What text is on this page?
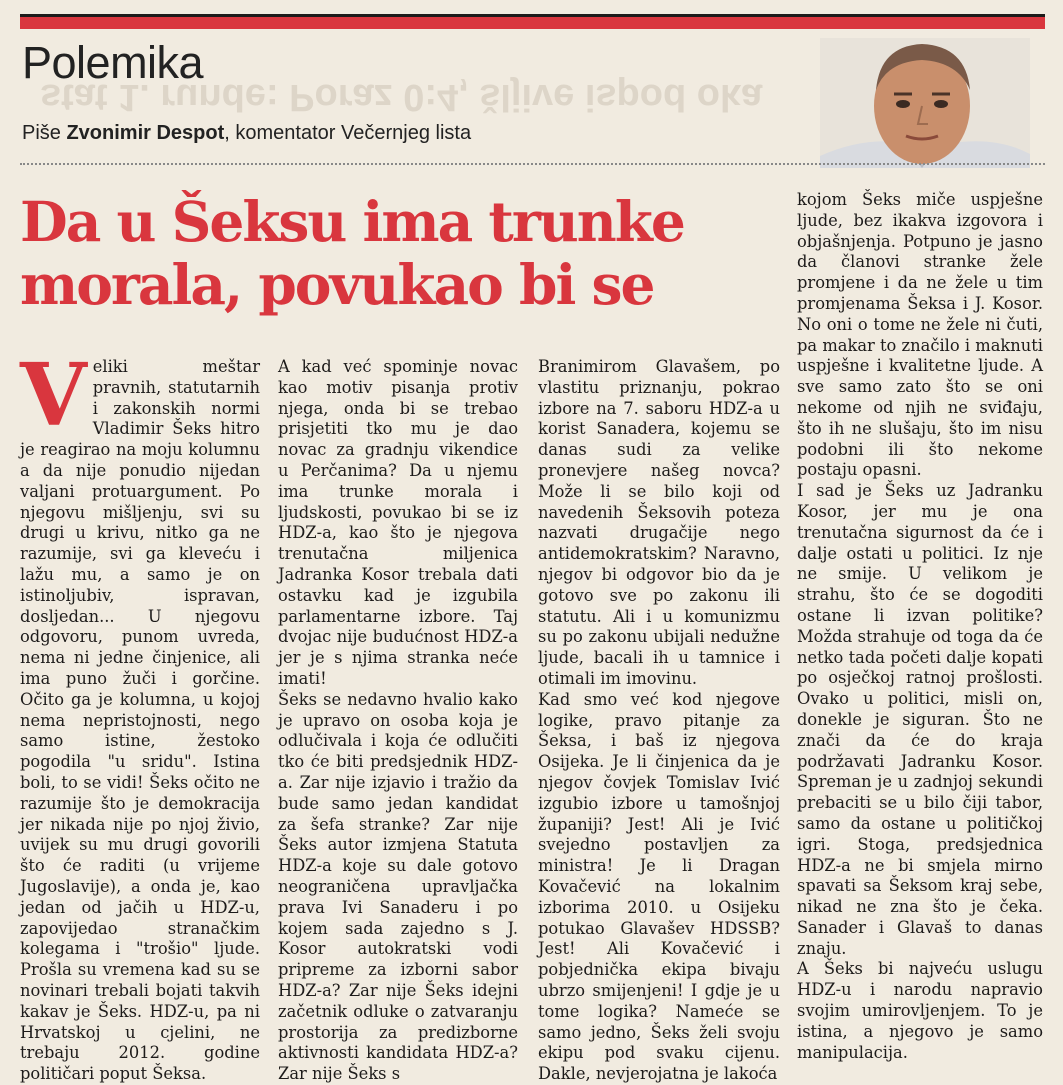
stat 1. runde: Poraz 0:4, šljive ispod oka
Polemika
Piše Zvonimir Despot, komentator Večernjeg lista
Da u Šeksu ima trunke
morala, povukao bi se

Veliki meštar pravnih, statutarnih i zakonskih normi Vladimir Šeks hitro je reagirao na moju kolumnu a da nije ponudio nijedan valjani protuargument. Po njegovu mišljenju, svi su drugi u krivu, nitko ga ne razumije, svi ga kleveću i lažu mu, a samo je on istinoljubiv, ispravan, dosljedan... U njegovu odgovoru, punom uvreda, nema ni jedne činjenice, ali ima puno žuči i gorčine. Očito ga je kolumna, u kojoj nema nepristojnosti, nego samo istine, žestoko pogodila "u sridu". Istina boli, to se vidi! Šeks očito ne razumije što je demokracija jer nikada nije po njoj živio, uvijek su mu drugi govorili što će raditi (u vrijeme Jugoslavije), a onda je, kao jedan od jačih u HDZ-u, zapovijedao stranačkim kolegama i "trošio" ljude. Prošla su vremena kad su se novinari trebali bojati takvih kakav je Šeks. HDZ-u, pa ni Hrvatskoj u cjelini, ne trebaju 2012. godine političari poput Šeksa.

A kad već spominje novac kao motiv pisanja protiv njega, onda bi se trebao prisjetiti tko mu je dao novac za gradnju vikendice u Perčanima? Da u njemu ima trunke morala i ljudskosti, povukao bi se iz HDZ-a, kao što je njegova trenutačna miljenica Jadranka Kosor trebala dati ostavku kad je izgubila parlamentarne izbore. Taj dvojac nije budućnost HDZ-a jer je s njima stranka neće imati!

Šeks se nedavno hvalio kako je upravo on osoba koja je odlučivala i koja će odlučiti tko će biti predsjednik HDZ-a. Zar nije izjavio i tražio da bude samo jedan kandidat za šefa stranke? Zar nije Šeks autor izmjena Statuta HDZ-a koje su dale gotovo neograničena upravljačka prava Ivi Sanaderu i po kojem sada zajedno s J. Kosor autokratski vodi pripreme za izborni sabor HDZ-a? Zar nije Šeks idejni začetnik odluke o zatvaranju prostorija za predizborne aktivnosti kandidata HDZ-a? Zar nije Šeks s

Branimirom Glavašem, po vlastitu priznanju, pokrao izbore na 7. saboru HDZ-a u korist Sanadera, kojemu se danas sudi za velike pronevjere našeg novca? Može li se bilo koji od navedenih Šeksovih poteza nazvati drugačije nego antidemokratskim? Naravno, njegov bi odgovor bio da je gotovo sve po zakonu ili statutu. Ali i u komunizmu su po zakonu ubijali nedužne ljude, bacali ih u tamnice i otimali im imovinu.

Kad smo već kod njegove logike, pravo pitanje za Šeksa, i baš iz njegova Osijeka. Je li činjenica da je njegov čovjek Tomislav Ivić izgubio izbore u tamošnjoj županiji? Jest! Ali je Ivić svejedno postavljen za ministra! Je li Dragan Kovačević na lokalnim izborima 2010. u Osijeku potukao Glavašev HDSSB? Jest! Ali Kovačević i pobjednička ekipa bivaju ubrzo smijenjeni! I gdje je u tome logika? Nameće se samo jedno, Šeks želi svoju ekipu pod svaku cijenu. Dakle, nevjerojatna je lakoća

kojom Šeks miče uspješne ljude, bez ikakva izgovora i objašnjenja. Potpuno je jasno da članovi stranke žele promjene i da ne žele u tim promjenama Šeksa i J. Kosor. No oni o tome ne žele ni čuti, pa makar to značilo i maknuti uspješne i kvalitetne ljude. A sve samo zato što se oni nekome od njih ne sviđaju, što ih ne slušaju, što im nisu podobni ili što nekome postaju opasni.

I sad je Šeks uz Jadranku Kosor, jer mu je ona trenutačna sigurnost da će i dalje ostati u politici. Iz nje ne smije. U velikom je strahu, što će se dogoditi ostane li izvan politike? Možda strahuje od toga da će netko tada početi dalje kopati po osječkoj ratnoj prošlosti. Ovako u politici, misli on, donekle je siguran. Što ne znači da će do kraja podržavati Jadranku Kosor. Spreman je u zadnjoj sekundi prebaciti se u bilo čiji tabor, samo da ostane u političkoj igri. Stoga, predsjednica HDZ-a ne bi smjela mirno spavati sa Šeksom kraj sebe, nikad ne zna što je čeka. Sanader i Glavaš to danas znaju.

A Šeks bi najveću uslugu HDZ-u i narodu napravio svojim umirovljenjem. To je istina, a njegovo je samo manipulacija.
